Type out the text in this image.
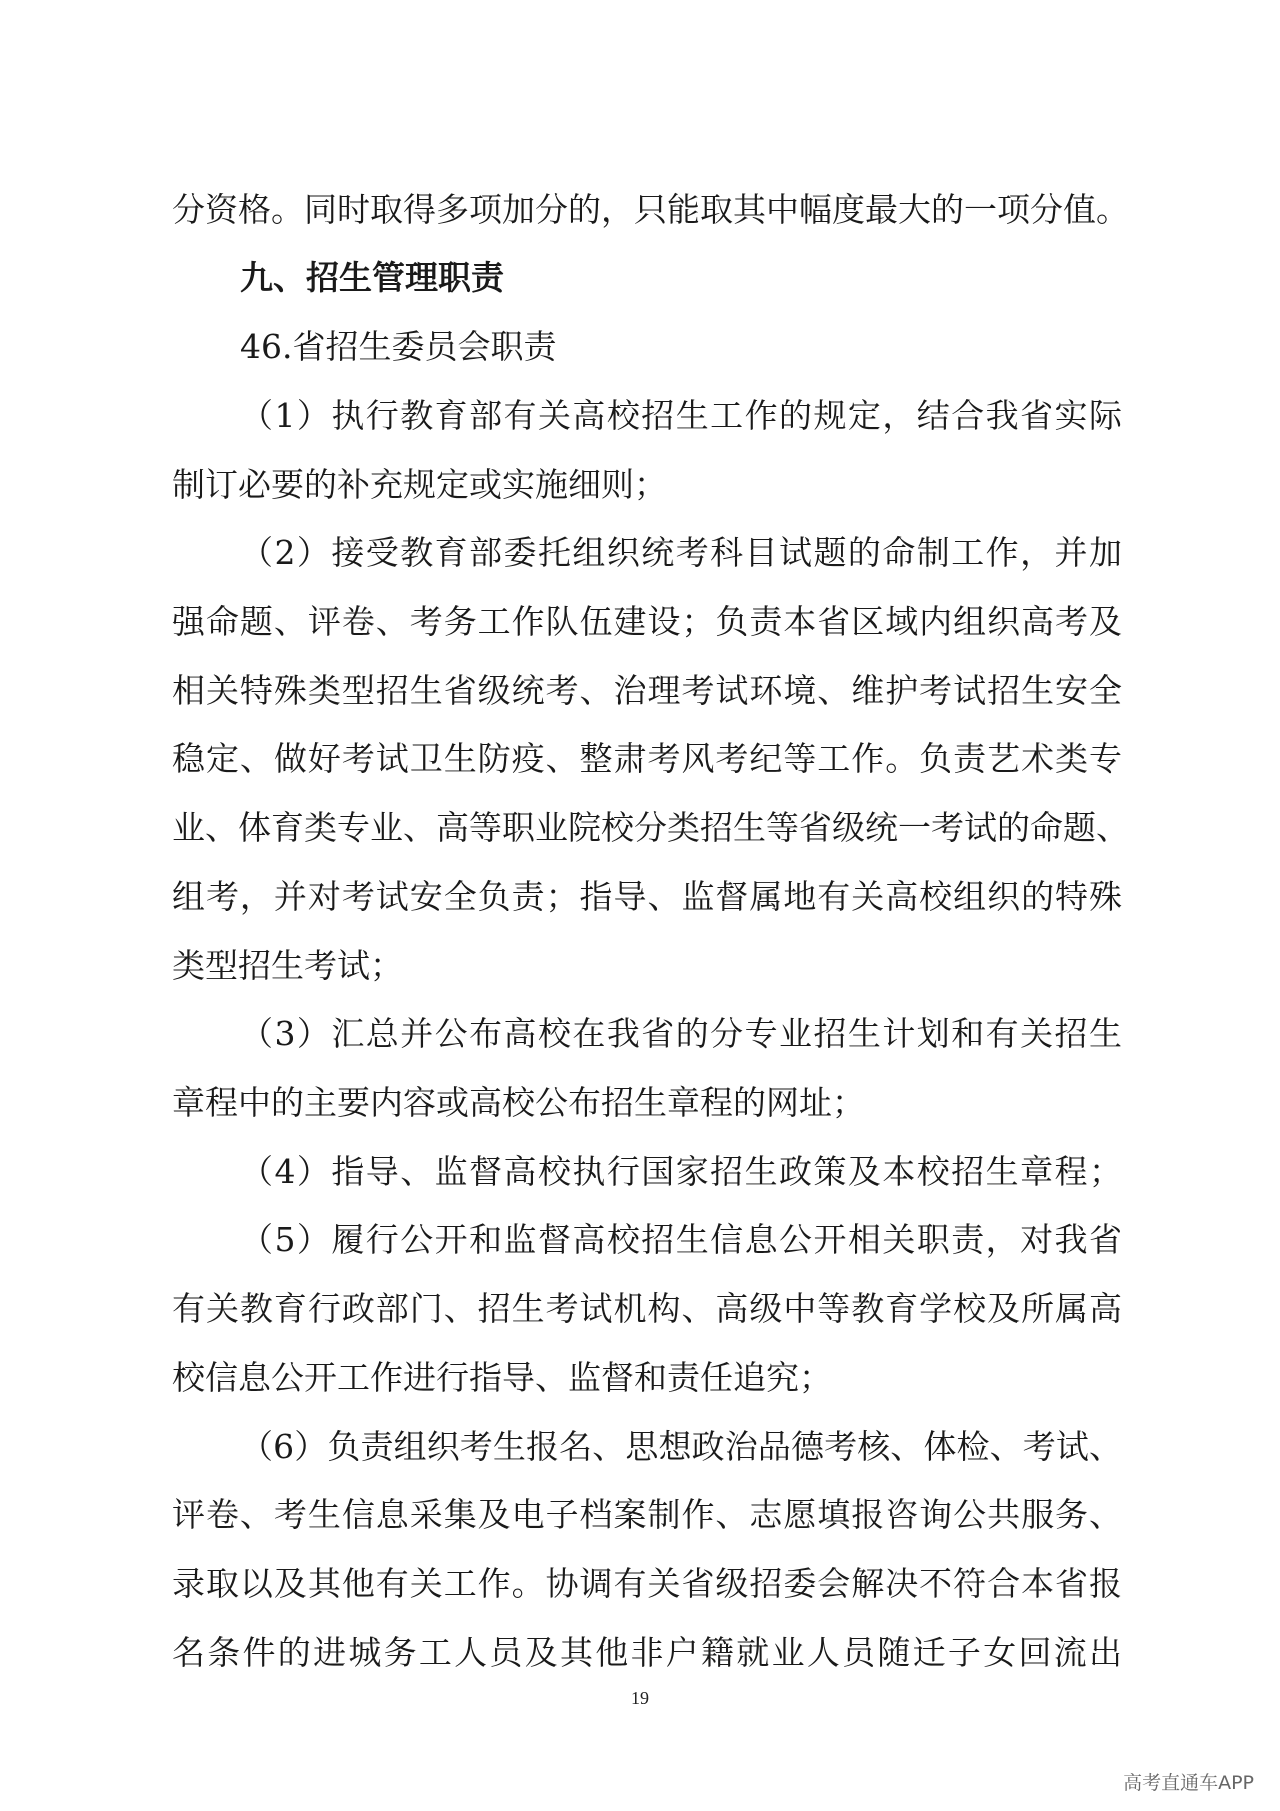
分资格。同时取得多项加分的，只能取其中幅度最大的一项分值。
九、招生管理职责
46.省招生委员会职责
（1）执行教育部有关高校招生工作的规定，结合我省实际
制订必要的补充规定或实施细则；
（2）接受教育部委托组织统考科目试题的命制工作，并加
强命题、评卷、考务工作队伍建设；负责本省区域内组织高考及
相关特殊类型招生省级统考、治理考试环境、维护考试招生安全
稳定、做好考试卫生防疫、整肃考风考纪等工作。负责艺术类专
业、体育类专业、高等职业院校分类招生等省级统一考试的命题、
组考，并对考试安全负责；指导、监督属地有关高校组织的特殊
类型招生考试；
（3）汇总并公布高校在我省的分专业招生计划和有关招生
章程中的主要内容或高校公布招生章程的网址；
（4）指导、监督高校执行国家招生政策及本校招生章程；
（5）履行公开和监督高校招生信息公开相关职责，对我省
有关教育行政部门、招生考试机构、高级中等教育学校及所属高
校信息公开工作进行指导、监督和责任追究；
（6）负责组织考生报名、思想政治品德考核、体检、考试、
评卷、考生信息采集及电子档案制作、志愿填报咨询公共服务、
录取以及其他有关工作。协调有关省级招委会解决不符合本省报
名条件的进城务工人员及其他非户籍就业人员随迁子女回流出
19
高考直通车APP
